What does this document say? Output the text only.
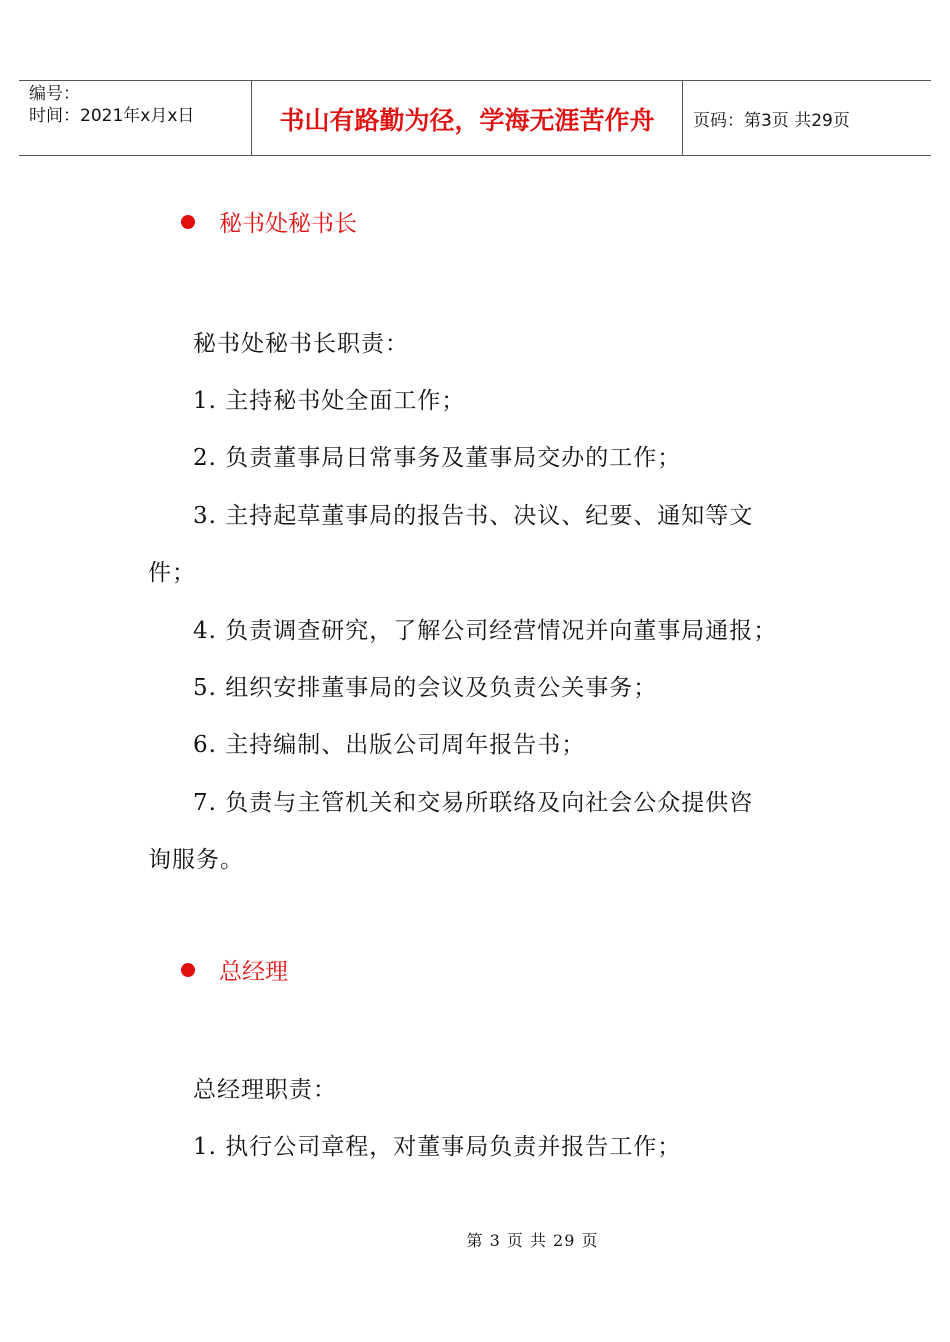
编号：
时间：2021年x月x日	书山有路勤为径，学海无涯苦作舟	页码：第3页 共29页
秘书处秘书长
秘书处秘书长职责：
1. 主持秘书处全面工作；
2. 负责董事局日常事务及董事局交办的工作；
3. 主持起草董事局的报告书、决议、纪要、通知等文
件；
4. 负责调查研究，了解公司经营情况并向董事局通报；
5. 组织安排董事局的会议及负责公关事务；
6. 主持编制、出版公司周年报告书；
7. 负责与主管机关和交易所联络及向社会公众提供咨
询服务。
总经理
总经理职责：
1. 执行公司章程，对董事局负责并报告工作；
第 3 页 共 29 页
